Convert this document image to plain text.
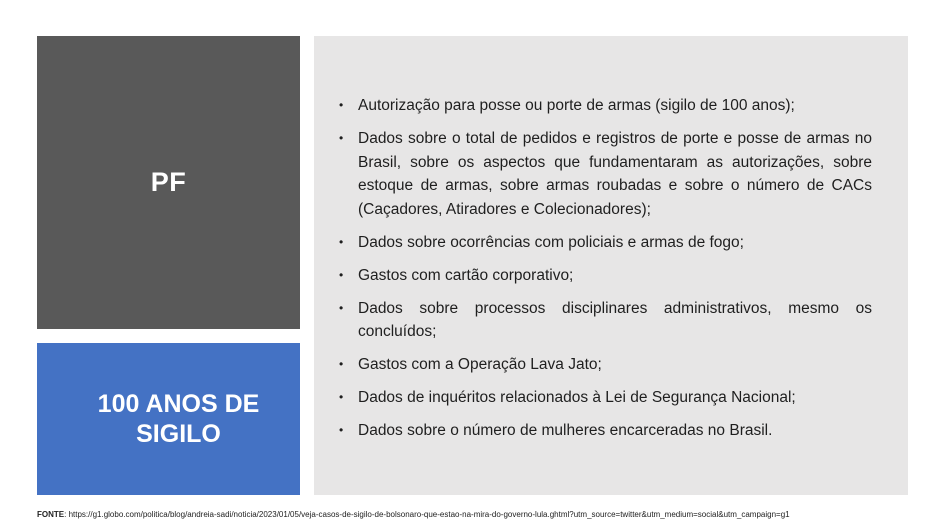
PF
100 ANOS DE SIGILO
• Autorização para posse ou porte de armas (sigilo de 100 anos);
• Dados sobre o total de pedidos e registros de porte e posse de armas no Brasil, sobre os aspectos que fundamentaram as autorizações, sobre estoque de armas, sobre armas roubadas e sobre o número de CACs (Caçadores, Atiradores e Colecionadores);
• Dados sobre ocorrências com policiais e armas de fogo;
• Gastos com cartão corporativo;
• Dados sobre processos disciplinares administrativos, mesmo os concluídos;
• Gastos com a Operação Lava Jato;
• Dados de inquéritos relacionados à Lei de Segurança Nacional;
• Dados sobre o número de mulheres encarceradas no Brasil.
FONTE: https://g1.globo.com/politica/blog/andreia-sadi/noticia/2023/01/05/veja-casos-de-sigilo-de-bolsonaro-que-estao-na-mira-do-governo-lula.ghtml?utm_source=twitter&utm_medium=social&utm_campaign=g1
